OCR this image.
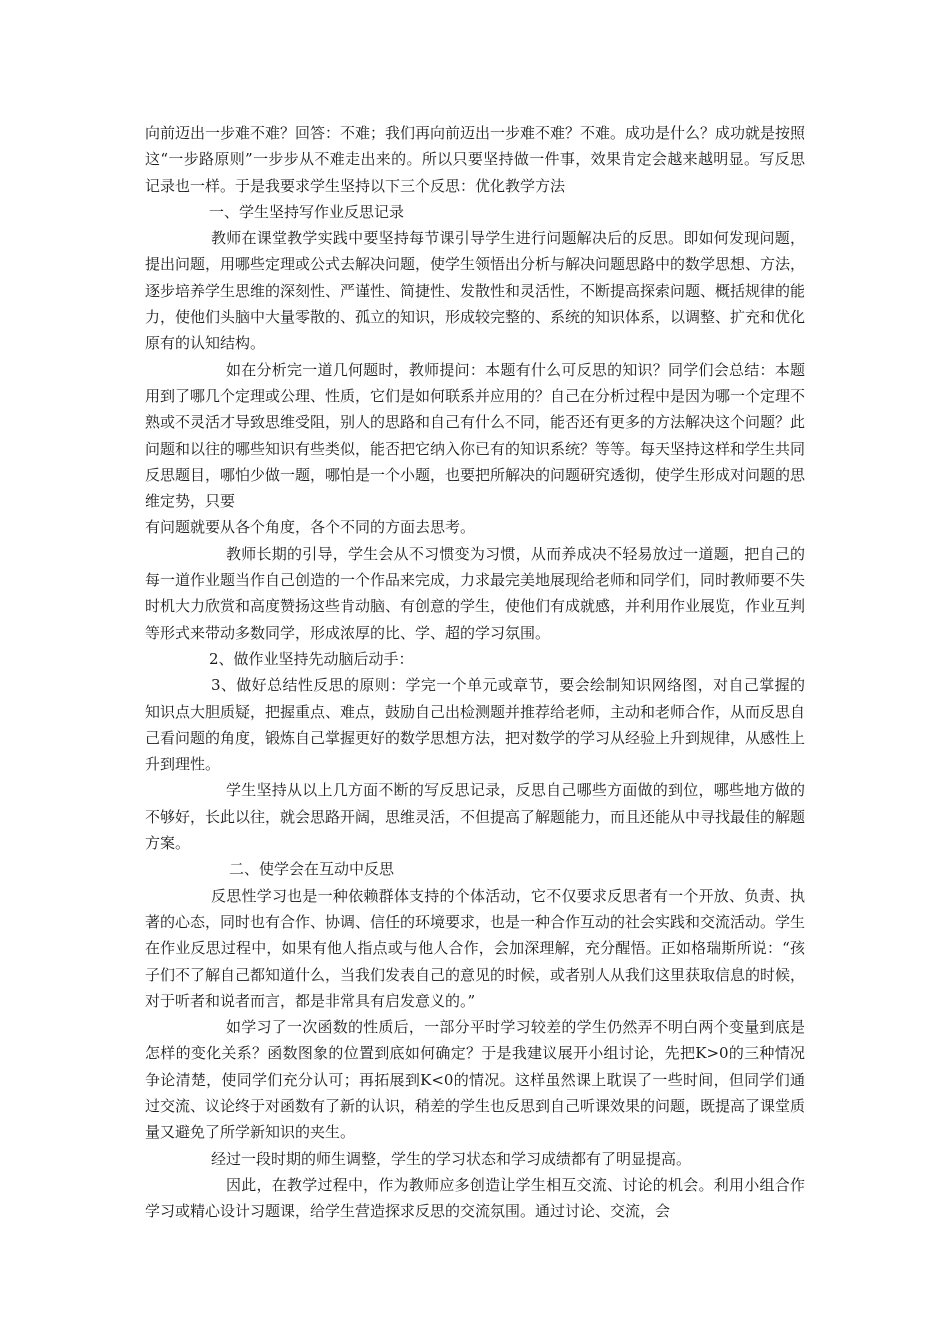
向前迈出一步难不难？回答：不难；我们再向前迈出一步难不难？不难。成功是什么？成功就是按照这“一步路原则”一步步从不难走出来的。所以只要坚持做一件事，效果肯定会越来越明显。写反思记录也一样。于是我要求学生坚持以下三个反思：优化教学方法

一、学生坚持写作业反思记录

教师在课堂教学实践中要坚持每节课引导学生进行问题解决后的反思。即如何发现问题，提出问题，用哪些定理或公式去解决问题，使学生领悟出分析与解决问题思路中的数学思想、方法，逐步培养学生思维的深刻性、严谨性、简捷性、发散性和灵活性，不断提高探索问题、概括规律的能力，使他们头脑中大量零散的、孤立的知识，形成较完整的、系统的知识体系，以调整、扩充和优化原有的认知结构。

如在分析完一道几何题时，教师提问：本题有什么可反思的知识？同学们会总结：本题用到了哪几个定理或公理、性质，它们是如何联系并应用的？自己在分析过程中是因为哪一个定理不熟或不灵活才导致思维受阻，别人的思路和自己有什么不同，能否还有更多的方法解决这个问题？此问题和以往的哪些知识有些类似，能否把它纳入你已有的知识系统？等等。每天坚持这样和学生共同反思题目，哪怕少做一题，哪怕是一个小题，也要把所解决的问题研究透彻，使学生形成对问题的思维定势，只要

有问题就要从各个角度，各个不同的方面去思考。

教师长期的引导，学生会从不习惯变为习惯，从而养成决不轻易放过一道题，把自己的每一道作业题当作自己创造的一个作品来完成，力求最完美地展现给老师和同学们，同时教师要不失时机大力欣赏和高度赞扬这些肯动脑、有创意的学生，使他们有成就感，并利用作业展览，作业互判等形式来带动多数同学，形成浓厚的比、学、超的学习氛围。

2、做作业坚持先动脑后动手：

3、做好总结性反思的原则：学完一个单元或章节，要会绘制知识网络图，对自己掌握的知识点大胆质疑，把握重点、难点，鼓励自己出检测题并推荐给老师，主动和老师合作，从而反思自己看问题的角度，锻炼自己掌握更好的数学思想方法，把对数学的学习从经验上升到规律，从感性上升到理性。

学生坚持从以上几方面不断的写反思记录，反思自己哪些方面做的到位，哪些地方做的不够好，长此以往，就会思路开阔，思维灵活，不但提高了解题能力，而且还能从中寻找最佳的解题方案。

二、使学会在互动中反思

反思性学习也是一种依赖群体支持的个体活动，它不仅要求反思者有一个开放、负责、执著的心态，同时也有合作、协调、信任的环境要求，也是一种合作互动的社会实践和交流活动。学生在作业反思过程中，如果有他人指点或与他人合作，会加深理解，充分醒悟。正如格瑞斯所说：“孩子们不了解自己都知道什么，当我们发表自己的意见的时候，或者别人从我们这里获取信息的时候，对于听者和说者而言，都是非常具有启发意义的。”

如学习了一次函数的性质后，一部分平时学习较差的学生仍然弄不明白两个变量到底是怎样的变化关系？函数图象的位置到底如何确定？于是我建议展开小组讨论，先把K>0的三种情况争论清楚，使同学们充分认可；再拓展到K<0的情况。这样虽然课上耽误了一些时间，但同学们通过交流、议论终于对函数有了新的认识，稍差的学生也反思到自己听课效果的问题，既提高了课堂质量又避免了所学新知识的夹生。

经过一段时期的师生调整，学生的学习状态和学习成绩都有了明显提高。

因此，在教学过程中，作为教师应多创造让学生相互交流、讨论的机会。利用小组合作学习或精心设计习题课，给学生营造探求反思的交流氛围。通过讨论、交流，会
